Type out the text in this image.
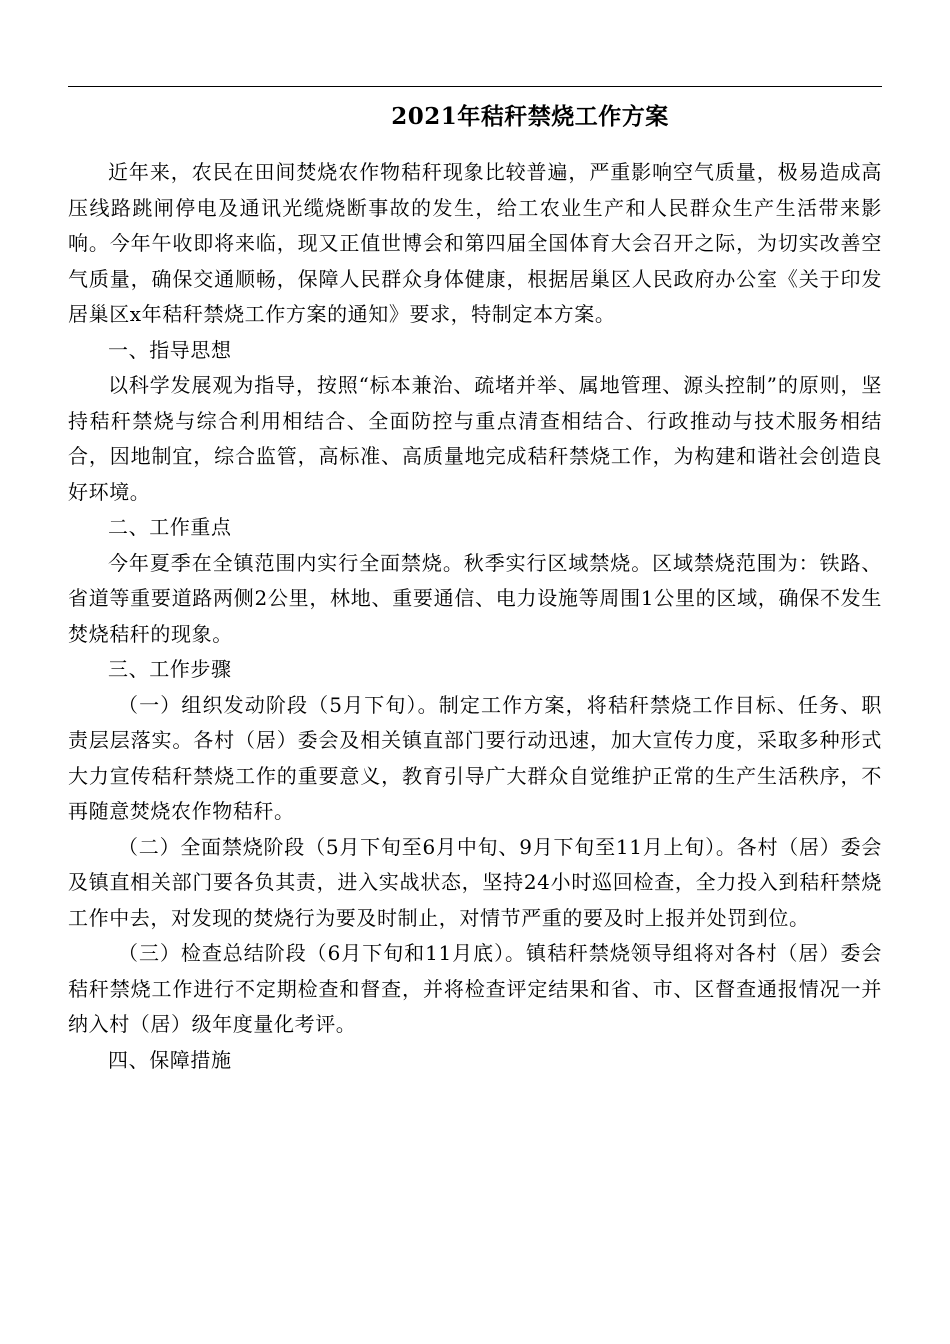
2021年秸秆禁烧工作方案

近年来，农民在田间焚烧农作物秸秆现象比较普遍，严重影响空气质量，极易造成高压线路跳闸停电及通讯光缆烧断事故的发生，给工农业生产和人民群众生产生活带来影响。今年午收即将来临，现又正值世博会和第四届全国体育大会召开之际，为切实改善空气质量，确保交通顺畅，保障人民群众身体健康，根据居巢区人民政府办公室《关于印发居巢区x年秸秆禁烧工作方案的通知》要求，特制定本方案。

一、指导思想

以科学发展观为指导，按照“标本兼治、疏堵并举、属地管理、源头控制”的原则，坚持秸秆禁烧与综合利用相结合、全面防控与重点清查相结合、行政推动与技术服务相结合，因地制宜，综合监管，高标准、高质量地完成秸秆禁烧工作，为构建和谐社会创造良好环境。

二、工作重点

今年夏季在全镇范围内实行全面禁烧。秋季实行区域禁烧。区域禁烧范围为：铁路、省道等重要道路两侧2公里，林地、重要通信、电力设施等周围1公里的区域，确保不发生焚烧秸秆的现象。

三、工作步骤

（一）组织发动阶段（5月下旬）。制定工作方案，将秸秆禁烧工作目标、任务、职责层层落实。各村（居）委会及相关镇直部门要行动迅速，加大宣传力度，采取多种形式大力宣传秸秆禁烧工作的重要意义，教育引导广大群众自觉维护正常的生产生活秩序，不再随意焚烧农作物秸秆。

（二）全面禁烧阶段（5月下旬至6月中旬、9月下旬至11月上旬）。各村（居）委会及镇直相关部门要各负其责，进入实战状态，坚持24小时巡回检查，全力投入到秸秆禁烧工作中去，对发现的焚烧行为要及时制止，对情节严重的要及时上报并处罚到位。

（三）检查总结阶段（6月下旬和11月底）。镇秸秆禁烧领导组将对各村（居）委会秸秆禁烧工作进行不定期检查和督查，并将检查评定结果和省、市、区督查通报情况一并纳入村（居）级年度量化考评。

四、保障措施
